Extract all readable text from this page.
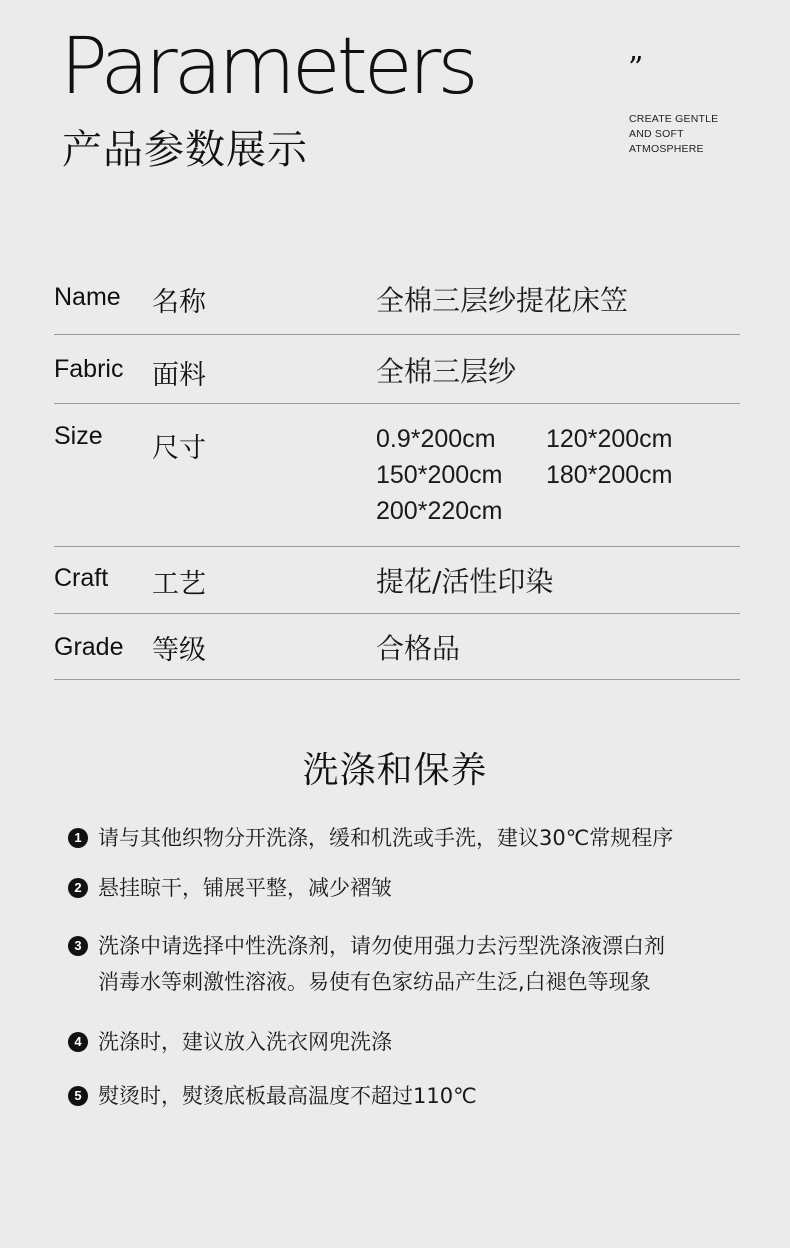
Parameters
产品参数展示
”
CREATE GENTLE
AND SOFT
ATMOSPHERE
Name 名称	全棉三层纱提花床笠
Fabric 面料	全棉三层纱
Size 尺寸	0.9*200cm	120*200cm
150*200cm	180*200cm
200*220cm
Craft 工艺	提花/活性印染
Grade 等级	合格品
洗涤和保养
1 请与其他织物分开洗涤，缓和机洗或手洗，建议30℃常规程序
2 悬挂晾干，铺展平整，减少褶皱
3 洗涤中请选择中性洗涤剂，请勿使用强力去污型洗涤液漂白剂
消毒水等刺激性溶液。易使有色家纺品产生泛,白褪色等现象
4 洗涤时，建议放入洗衣网兜洗涤
5 熨烫时，熨烫底板最高温度不超过110℃
